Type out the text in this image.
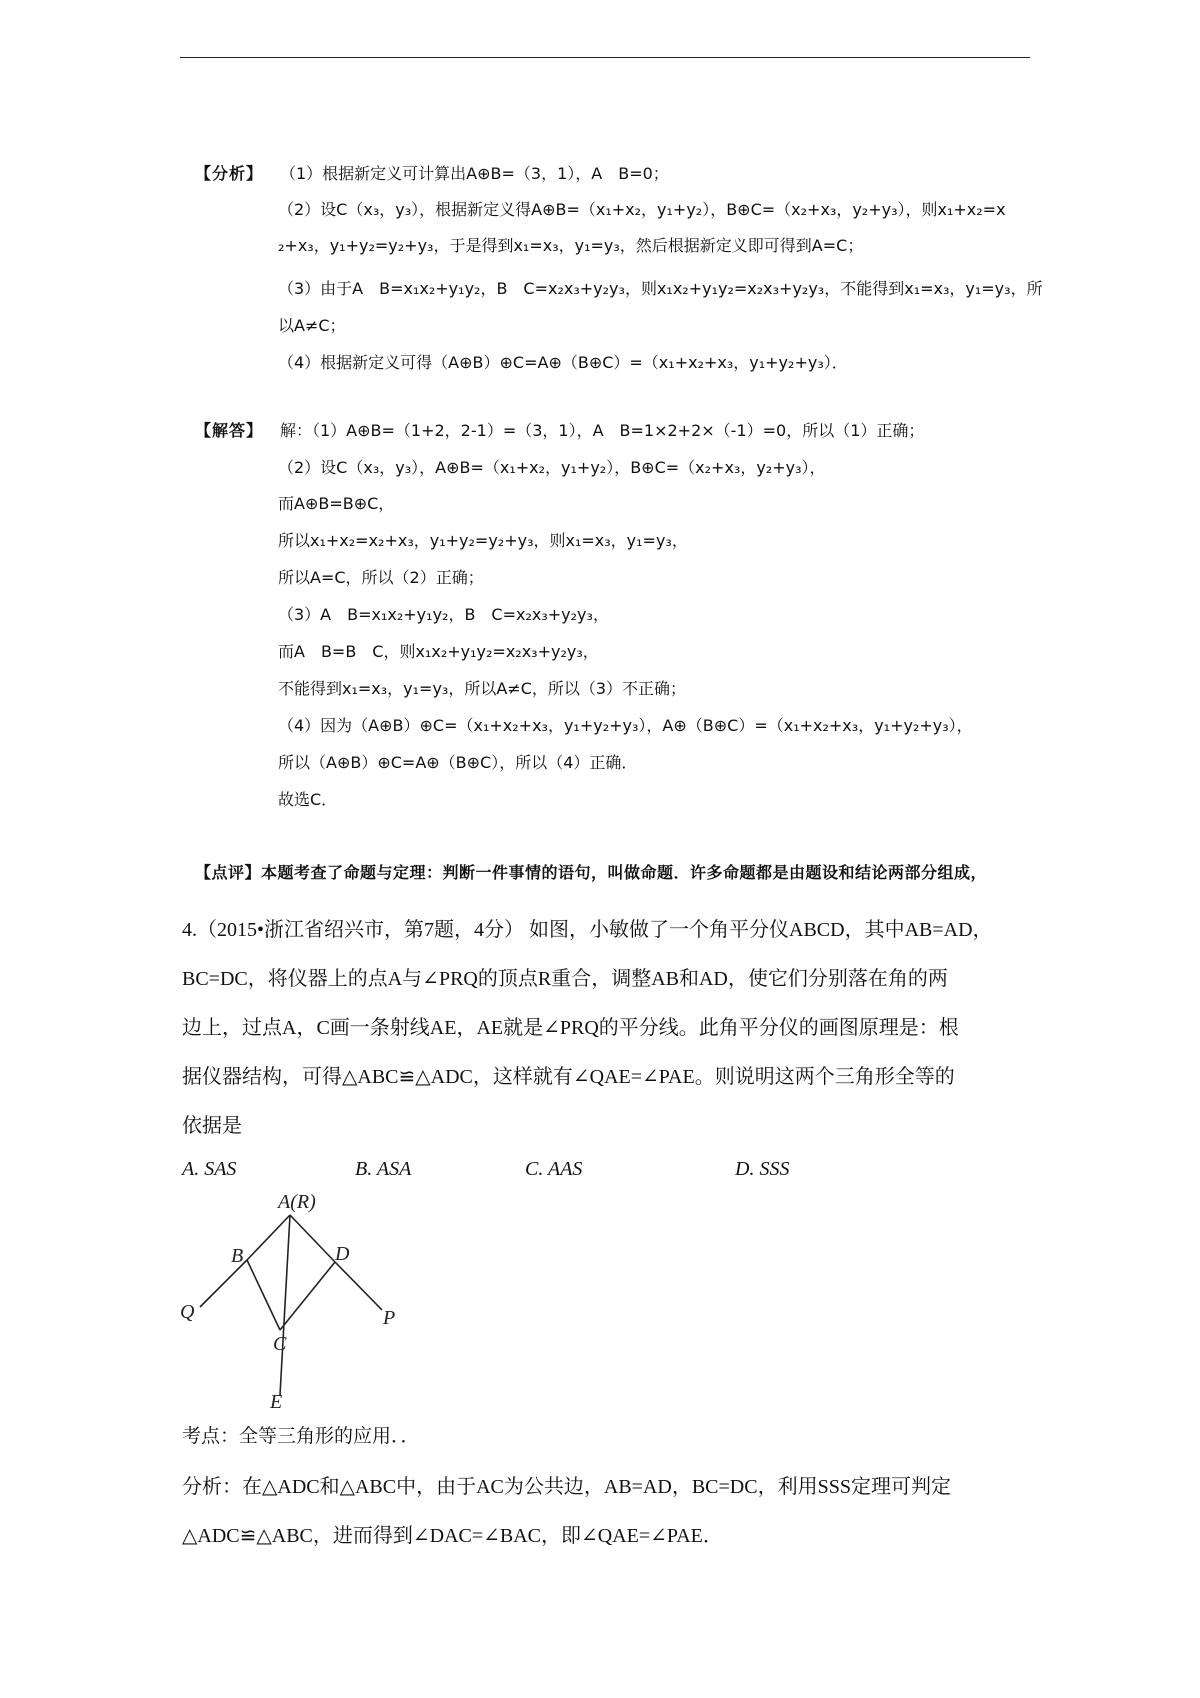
【分析】 （1）根据新定义可计算出A⊕B=（3，1），A　B=0；
（2）设C（x₃，y₃），根据新定义得A⊕B=（x₁+x₂，y₁+y₂），B⊕C=（x₂+x₃，y₂+y₃），则x₁+x₂=x
₂+x₃，y₁+y₂=y₂+y₃，于是得到x₁=x₃，y₁=y₃，然后根据新定义即可得到A=C；
（3）由于A　B=x₁x₂+y₁y₂，B　C=x₂x₃+y₂y₃，则x₁x₂+y₁y₂=x₂x₃+y₂y₃，不能得到x₁=x₃，y₁=y₃，所
以A≠C；
（4）根据新定义可得（A⊕B）⊕C=A⊕（B⊕C）=（x₁+x₂+x₃，y₁+y₂+y₃）．
【解答】 解：（1）A⊕B=（1+2，2-1）=（3，1），A　B=1×2+2×（-1）=0，所以（1）正确；
（2）设C（x₃，y₃），A⊕B=（x₁+x₂，y₁+y₂），B⊕C=（x₂+x₃，y₂+y₃），
而A⊕B=B⊕C，
所以x₁+x₂=x₂+x₃，y₁+y₂=y₂+y₃，则x₁=x₃，y₁=y₃，
所以A=C，所以（2）正确；
（3）A　B=x₁x₂+y₁y₂，B　C=x₂x₃+y₂y₃，
而A　B=B　C，则x₁x₂+y₁y₂=x₂x₃+y₂y₃，
不能得到x₁=x₃，y₁=y₃，所以A≠C，所以（3）不正确；
（4）因为（A⊕B）⊕C=（x₁+x₂+x₃，y₁+y₂+y₃），A⊕（B⊕C）=（x₁+x₂+x₃，y₁+y₂+y₃），
所以（A⊕B）⊕C=A⊕（B⊕C），所以（4）正确．
故选C．
【点评】本题考查了命题与定理：判断一件事情的语句，叫做命题．许多命题都是由题设和结论两部分组成，
4.（2015•浙江省绍兴市，第7题，4分） 如图，小敏做了一个角平分仪ABCD，其中AB=AD，
BC=DC，将仪器上的点A与∠PRQ的顶点R重合，调整AB和AD，使它们分别落在角的两
边上，过点A，C画一条射线AE，AE就是∠PRQ的平分线。此角平分仪的画图原理是：根
据仪器结构，可得△ABC≌△ADC，这样就有∠QAE=∠PAE。则说明这两个三角形全等的
依据是
A. SAS	B. ASA	C. AAS	D. SSS
A(R)
B	D
Q	P
C
E
考点：全等三角形的应用．．
分析：在△ADC和△ABC中，由于AC为公共边，AB=AD，BC=DC，利用SSS定理可判定
△ADC≌△ABC，进而得到∠DAC=∠BAC，即∠QAE=∠PAE．
